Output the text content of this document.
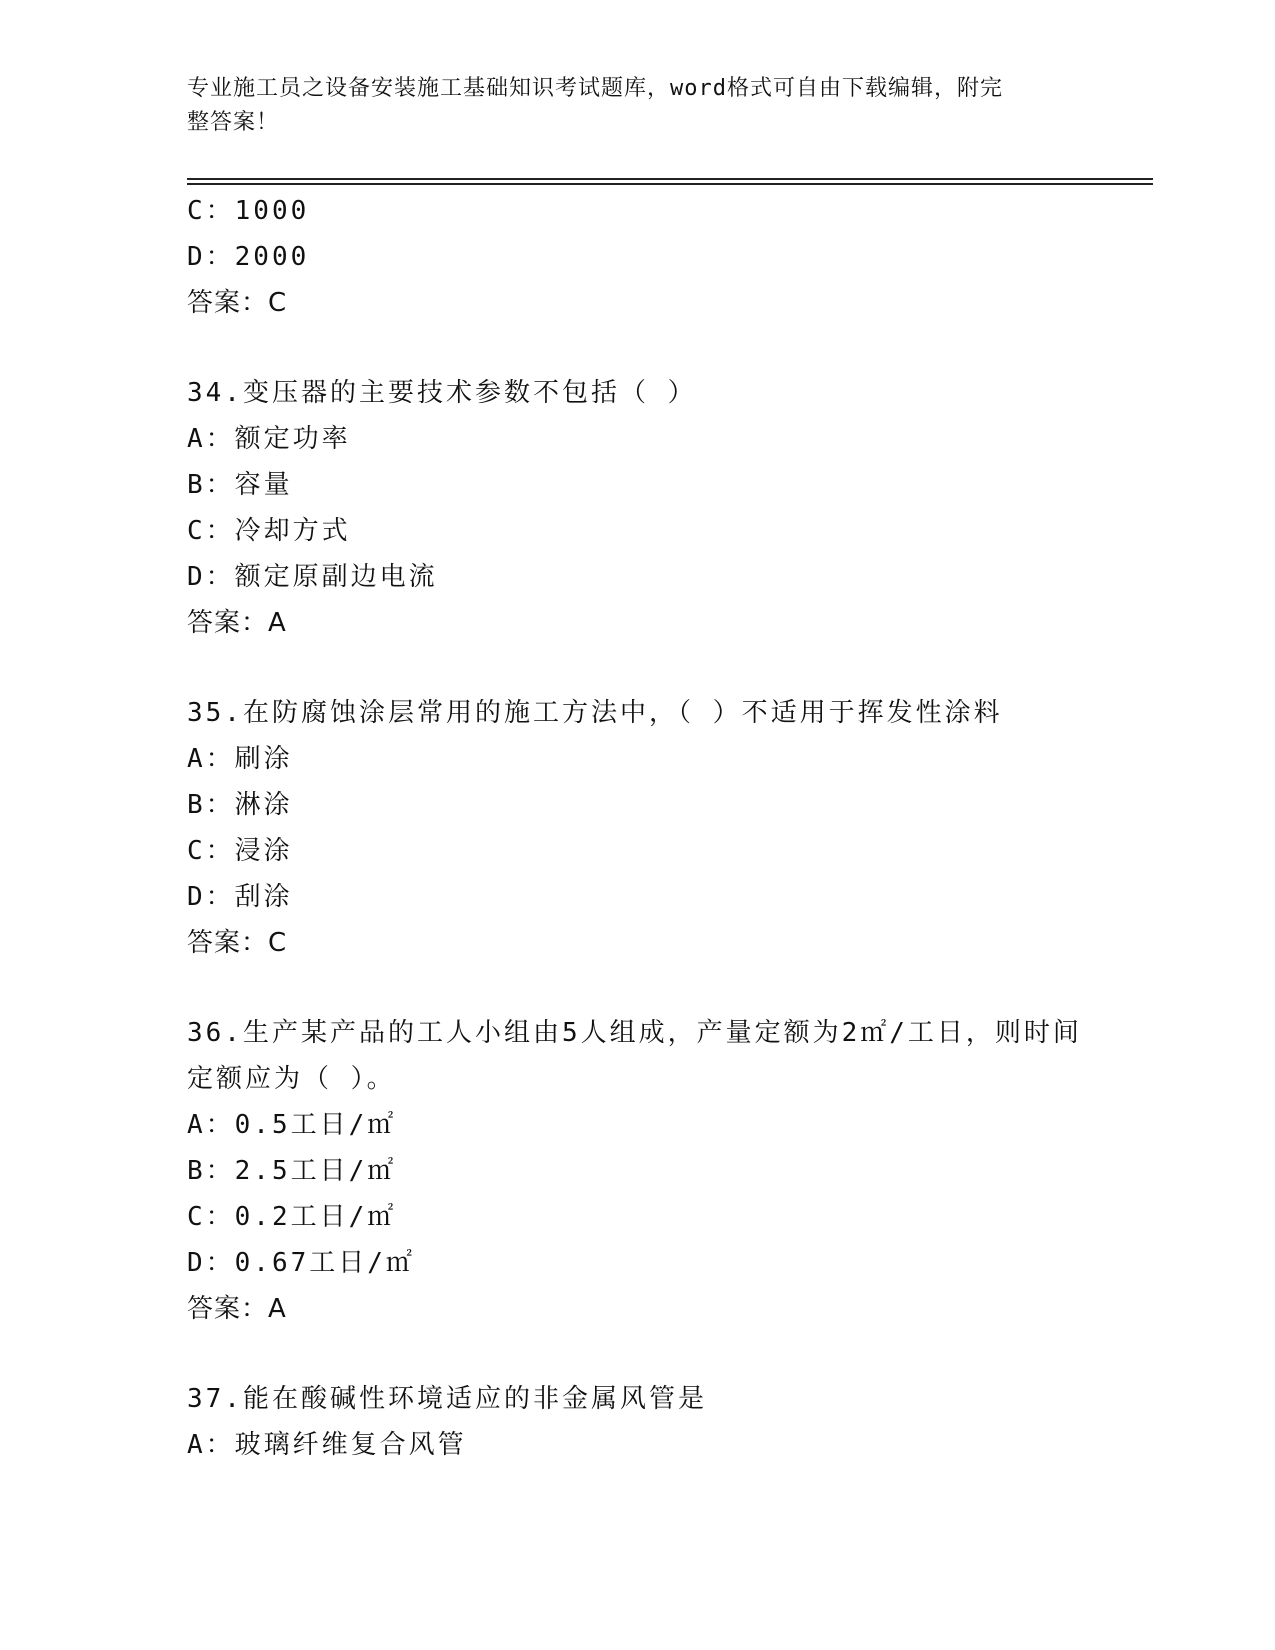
专业施工员之设备安装施工基础知识考试题库，word格式可自由下载编辑，附完
整答案！
C：1000
D：2000
答案：C
34.变压器的主要技术参数不包括（ ）
A：额定功率
B：容量
C：冷却方式
D：额定原副边电流
答案：A
35.在防腐蚀涂层常用的施工方法中，（ ）不适用于挥发性涂料
A：刷涂
B：淋涂
C：浸涂
D：刮涂
答案：C
36.生产某产品的工人小组由5人组成，产量定额为2㎡/工日，则时间
定额应为（ ）。
A：0.5工日/㎡
B：2.5工日/㎡
C：0.2工日/㎡
D：0.67工日/㎡
答案：A
37.能在酸碱性环境适应的非金属风管是
A：玻璃纤维复合风管
